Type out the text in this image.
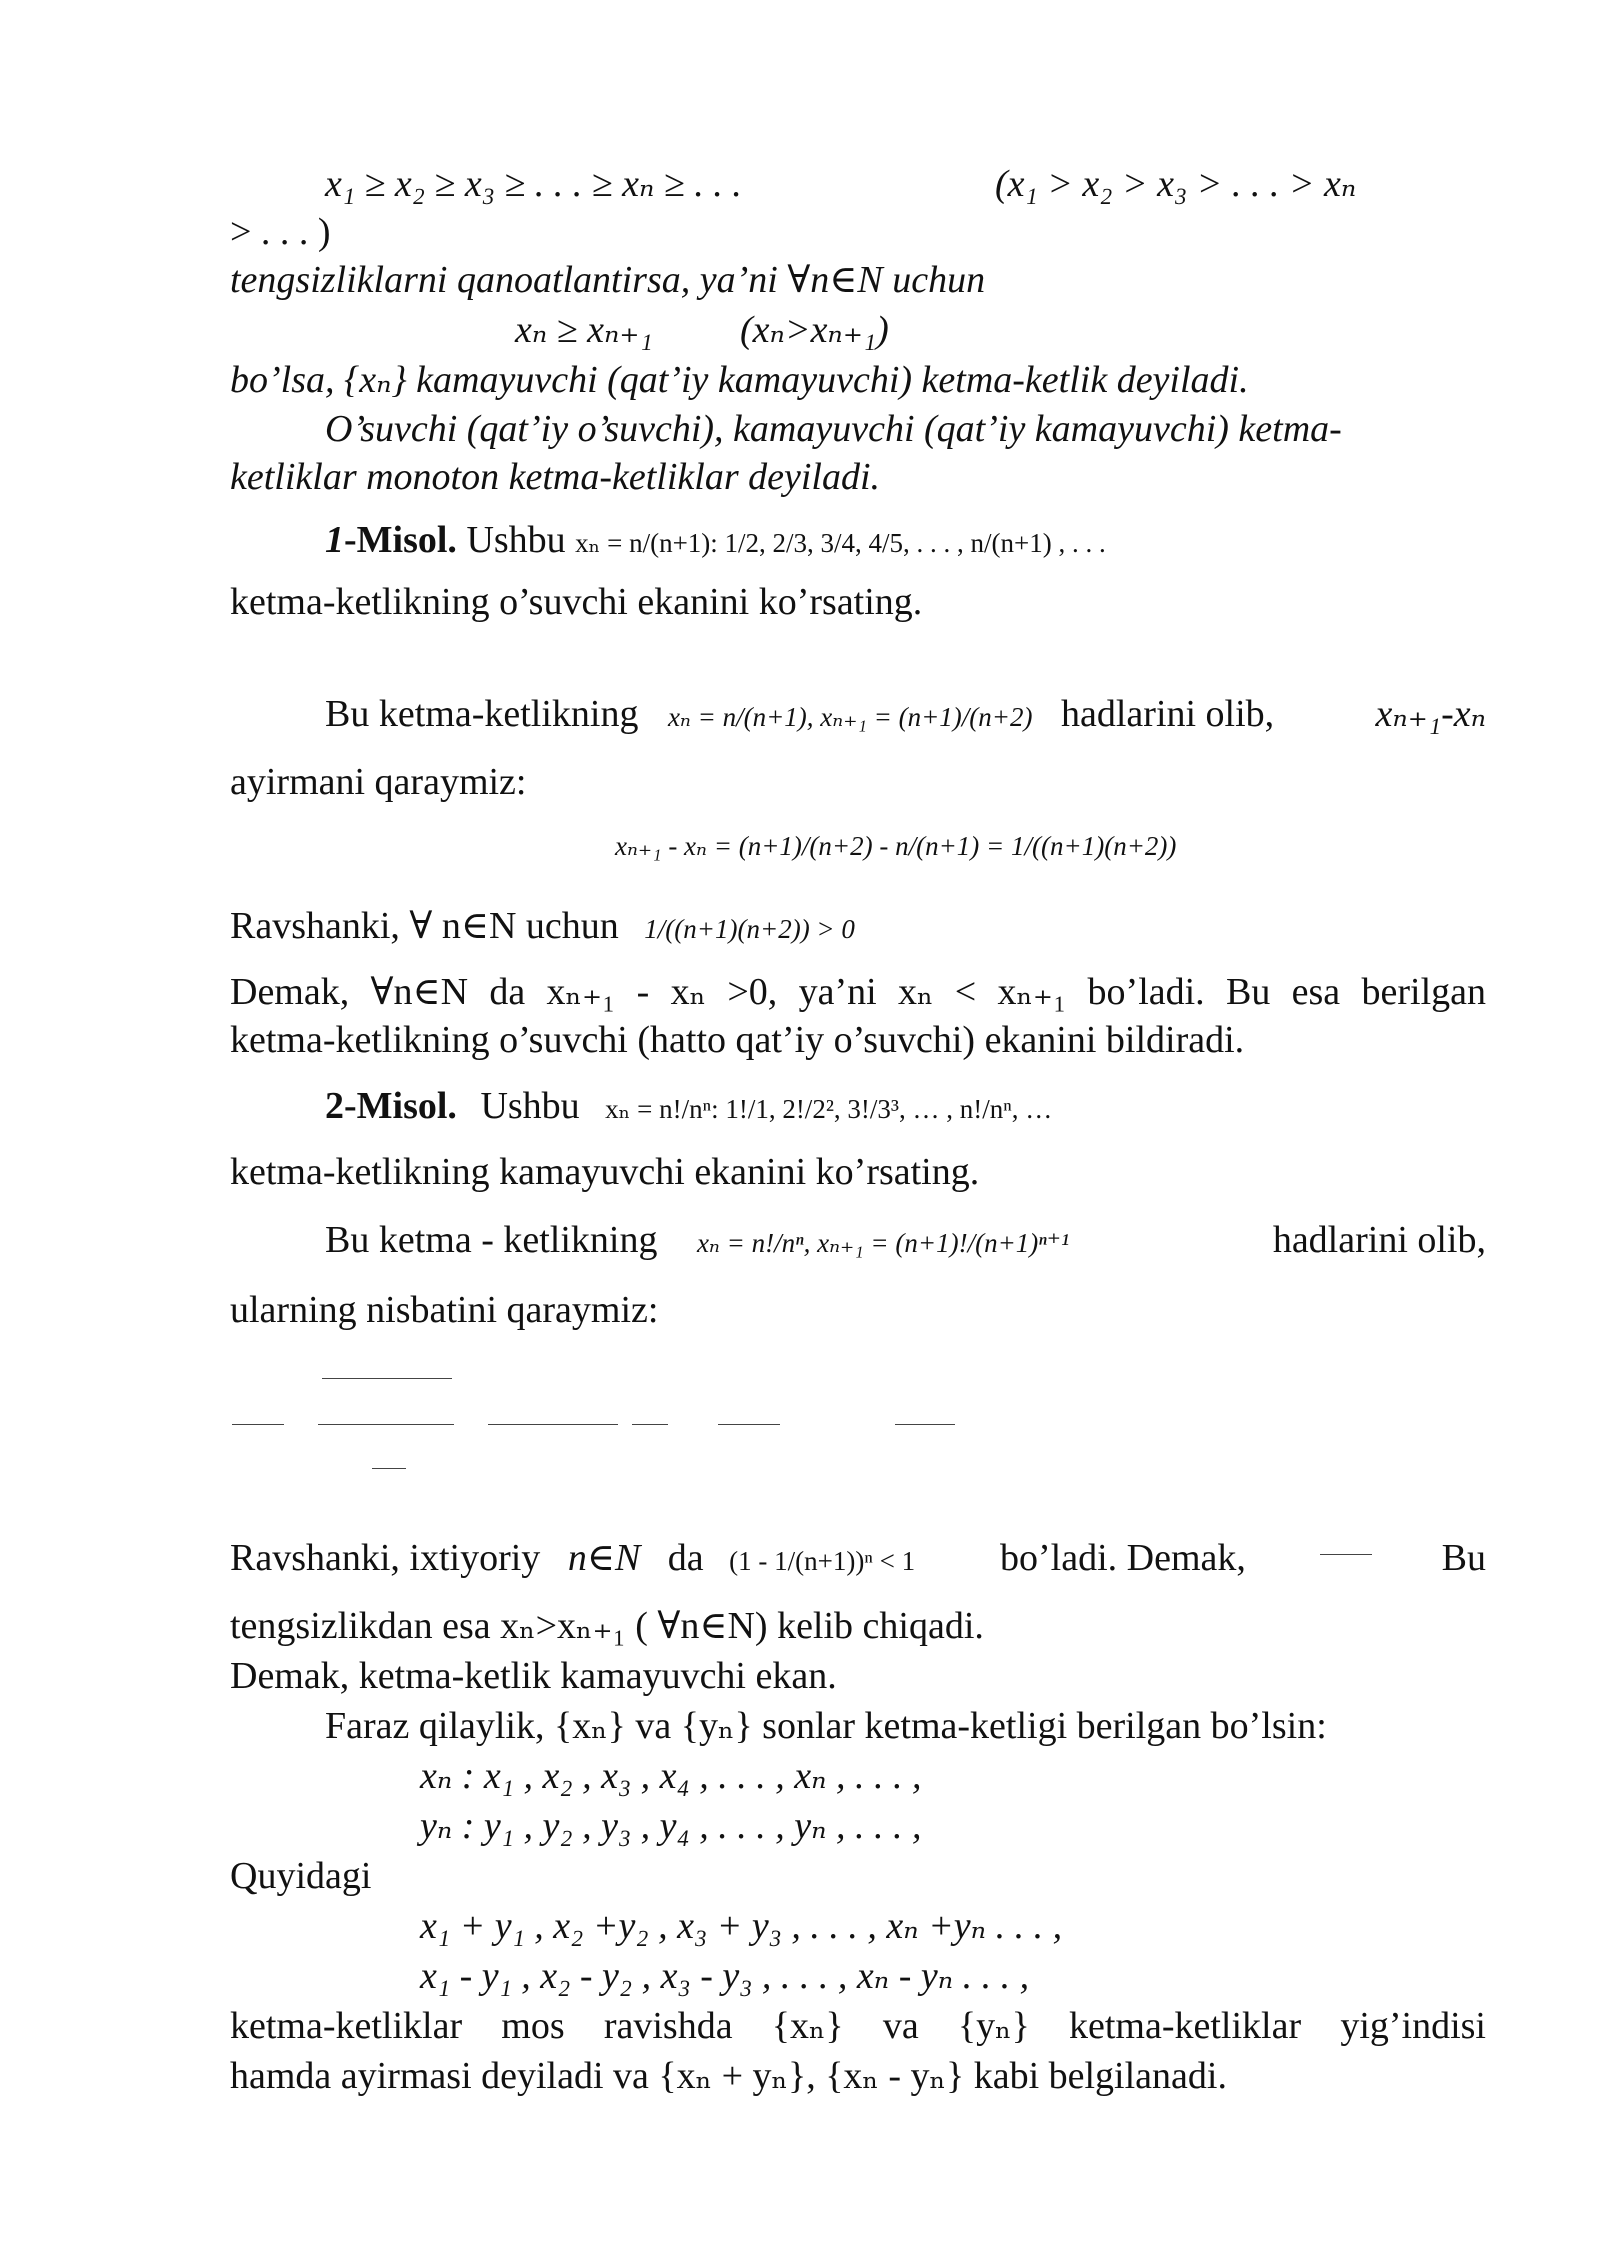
x₁ ≥ x₂ ≥ x₃ ≥ . . . ≥ xₙ ≥ . . .	(x₁ > x₂ > x₃ > . . . > xₙ
> . . . )
tengsizliklarni qanoatlantirsa, ya’ni ∀n∈N uchun
xₙ ≥ xₙ₊₁ (xₙ>xₙ₊₁)
bo’lsa, {xₙ} kamayuvchi (qat’iy kamayuvchi) ketma-ketlik deyiladi.
O’suvchi (qat’iy o’suvchi), kamayuvchi (qat’iy kamayuvchi) ketma-
ketliklar monoton ketma-ketliklar deyiladi.
1-Misol. Ushbu xₙ = n/(n+1): 1/2, 2/3, 3/4, 4/5, . . . , n/(n+1) , . . .
ketma-ketlikning o’suvchi ekanini ko’rsating.
Bu ketma-ketlikning xₙ = n/(n+1), xₙ₊₁ = (n+1)/(n+2) hadlarini olib,	xₙ₊₁-xₙ
ayirmani qaraymiz:
xₙ₊₁ - xₙ = (n+1)/(n+2) - n/(n+1) = 1/((n+1)(n+2))
Ravshanki, ∀ n∈N uchun 1/((n+1)(n+2)) > 0
Demak, ∀n∈N da xₙ₊₁ - xₙ >0, ya’ni xₙ < xₙ₊₁ bo’ladi. Bu esa berilgan
ketma-ketlikning o’suvchi (hatto qat’iy o’suvchi) ekanini bildiradi.
2-Misol. Ushbu xₙ = n!/nⁿ: 1!/1, 2!/2², 3!/3³, … , n!/nⁿ, …
ketma-ketlikning kamayuvchi ekanini ko’rsating.
Bu ketma - ketlikning xₙ = n!/nⁿ, xₙ₊₁ = (n+1)!/(n+1)ⁿ⁺¹	hadlarini olib,
ularning nisbatini qaraymiz:
Ravshanki, ixtiyoriy n∈N da (1 - 1/(n+1))ⁿ < 1 bo’ladi. Demak,	Bu
tengsizlikdan esa xₙ>xₙ₊₁ ( ∀n∈N) kelib chiqadi.
Demak, ketma-ketlik kamayuvchi ekan.
Faraz qilaylik, {xₙ} va {yₙ} sonlar ketma-ketligi berilgan bo’lsin:
xₙ : x₁ , x₂ , x₃ , x₄ , . . . , xₙ , . . . ,
yₙ : y₁ , y₂ , y₃ , y₄ , . . . , yₙ , . . . ,
Quyidagi
x₁ + y₁ , x₂ +y₂ , x₃ + y₃ , . . . , xₙ +yₙ . . . ,
x₁ - y₁ , x₂ - y₂ , x₃ - y₃ , . . . , xₙ - yₙ . . . ,
ketma-ketliklar mos ravishda {xₙ} va {yₙ} ketma-ketliklar yig’indisi
hamda ayirmasi deyiladi va {xₙ + yₙ}, {xₙ - yₙ} kabi belgilanadi.
